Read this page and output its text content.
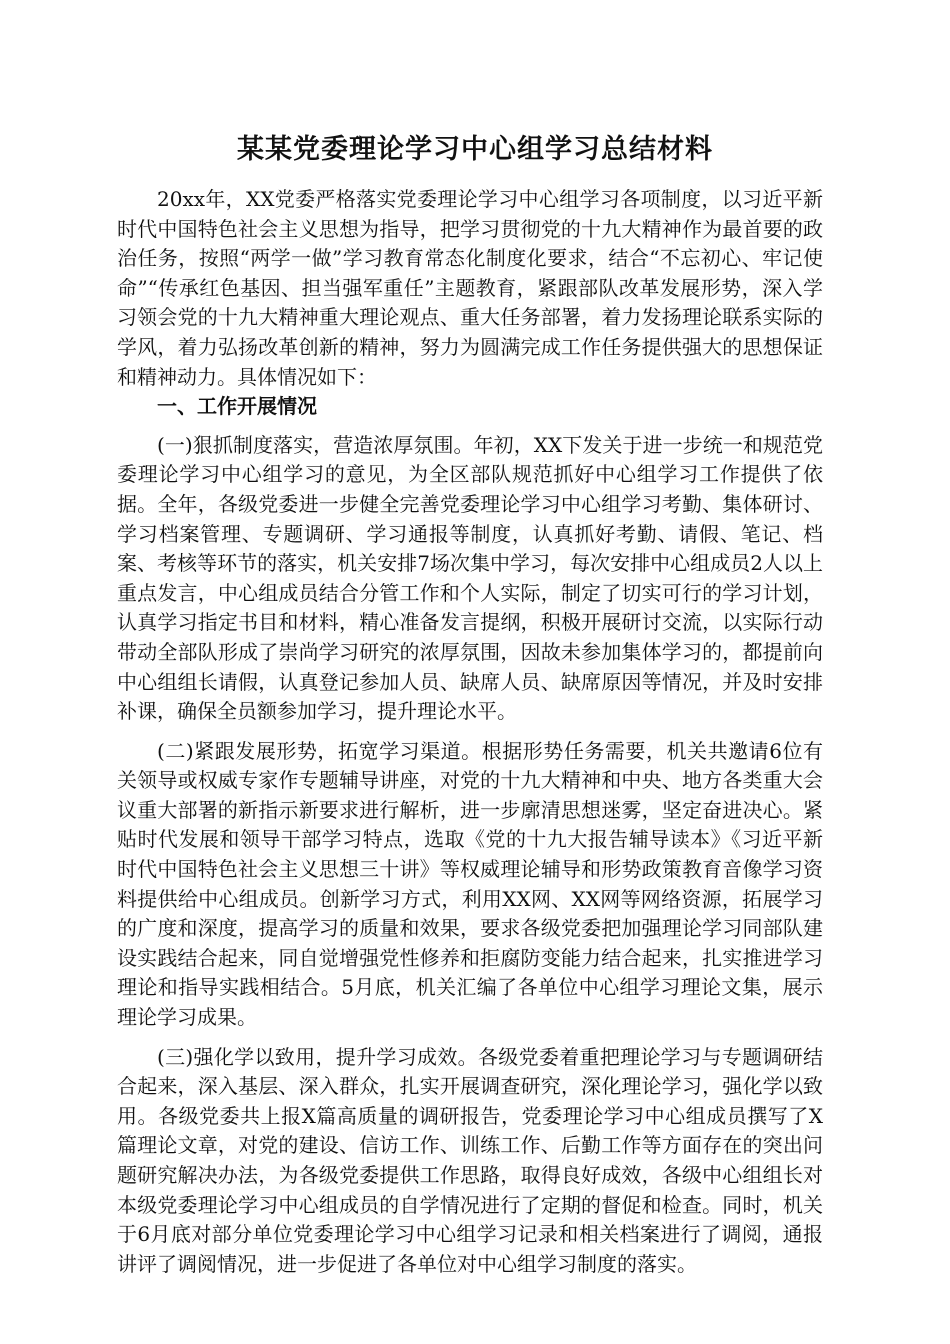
某某党委理论学习中心组学习总结材料

20xx年，XX党委严格落实党委理论学习中心组学习各项制度，以习近平新时代中国特色社会主义思想为指导，把学习贯彻党的十九大精神作为最首要的政治任务，按照“两学一做”学习教育常态化制度化要求，结合“不忘初心、牢记使命”“传承红色基因、担当强军重任”主题教育，紧跟部队改革发展形势，深入学习领会党的十九大精神重大理论观点、重大任务部署，着力发扬理论联系实际的学风，着力弘扬改革创新的精神，努力为圆满完成工作任务提供强大的思想保证和精神动力。具体情况如下：

一、工作开展情况

(一)狠抓制度落实，营造浓厚氛围。年初，XX下发关于进一步统一和规范党委理论学习中心组学习的意见，为全区部队规范抓好中心组学习工作提供了依据。全年，各级党委进一步健全完善党委理论学习中心组学习考勤、集体研讨、学习档案管理、专题调研、学习通报等制度，认真抓好考勤、请假、笔记、档案、考核等环节的落实，机关安排7场次集中学习，每次安排中心组成员2人以上重点发言，中心组成员结合分管工作和个人实际，制定了切实可行的学习计划，认真学习指定书目和材料，精心准备发言提纲，积极开展研讨交流，以实际行动带动全部队形成了崇尚学习研究的浓厚氛围，因故未参加集体学习的，都提前向中心组组长请假，认真登记参加人员、缺席人员、缺席原因等情况，并及时安排补课，确保全员额参加学习，提升理论水平。

(二)紧跟发展形势，拓宽学习渠道。根据形势任务需要，机关共邀请6位有关领导或权威专家作专题辅导讲座，对党的十九大精神和中央、地方各类重大会议重大部署的新指示新要求进行解析，进一步廓清思想迷雾，坚定奋进决心。紧贴时代发展和领导干部学习特点，选取《党的十九大报告辅导读本》《习近平新时代中国特色社会主义思想三十讲》等权威理论辅导和形势政策教育音像学习资料提供给中心组成员。创新学习方式，利用XX网、XX网等网络资源，拓展学习的广度和深度，提高学习的质量和效果，要求各级党委把加强理论学习同部队建设实践结合起来，同自觉增强党性修养和拒腐防变能力结合起来，扎实推进学习理论和指导实践相结合。5月底，机关汇编了各单位中心组学习理论文集，展示理论学习成果。

(三)强化学以致用，提升学习成效。各级党委着重把理论学习与专题调研结合起来，深入基层、深入群众，扎实开展调查研究，深化理论学习，强化学以致用。各级党委共上报X篇高质量的调研报告，党委理论学习中心组成员撰写了X篇理论文章，对党的建设、信访工作、训练工作、后勤工作等方面存在的突出问题研究解决办法，为各级党委提供工作思路，取得良好成效，各级中心组组长对本级党委理论学习中心组成员的自学情况进行了定期的督促和检查。同时，机关于6月底对部分单位党委理论学习中心组学习记录和相关档案进行了调阅，通报讲评了调阅情况，进一步促进了各单位对中心组学习制度的落实。
